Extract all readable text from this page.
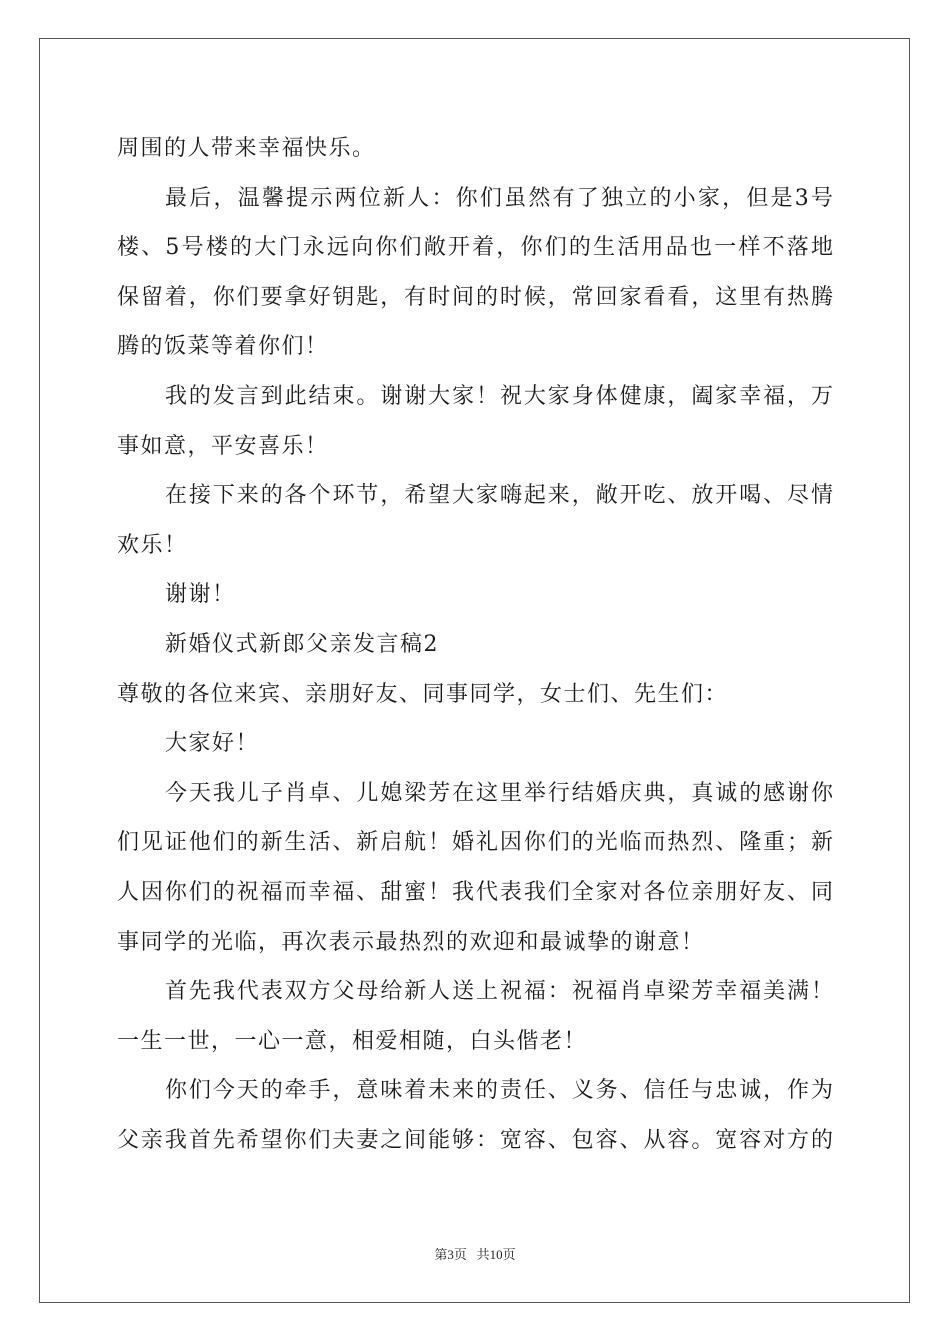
周围的人带来幸福快乐。
最后，温馨提示两位新人：你们虽然有了独立的小家，但是3号
楼、5号楼的大门永远向你们敞开着，你们的生活用品也一样不落地
保留着，你们要拿好钥匙，有时间的时候，常回家看看，这里有热腾
腾的饭菜等着你们！
我的发言到此结束。谢谢大家！祝大家身体健康，阖家幸福，万
事如意，平安喜乐！
在接下来的各个环节，希望大家嗨起来，敞开吃、放开喝、尽情
欢乐！
谢谢！
新婚仪式新郎父亲发言稿2
尊敬的各位来宾、亲朋好友、同事同学，女士们、先生们：
大家好！
今天我儿子肖卓、儿媳梁芳在这里举行结婚庆典，真诚的感谢你
们见证他们的新生活、新启航！婚礼因你们的光临而热烈、隆重；新
人因你们的祝福而幸福、甜蜜！我代表我们全家对各位亲朋好友、同
事同学的光临，再次表示最热烈的欢迎和最诚挚的谢意！
首先我代表双方父母给新人送上祝福：祝福肖卓梁芳幸福美满！
一生一世，一心一意，相爱相随，白头偕老！
你们今天的牵手，意味着未来的责任、义务、信任与忠诚，作为
父亲我首先希望你们夫妻之间能够：宽容、包容、从容。宽容对方的
第3页 共10页
